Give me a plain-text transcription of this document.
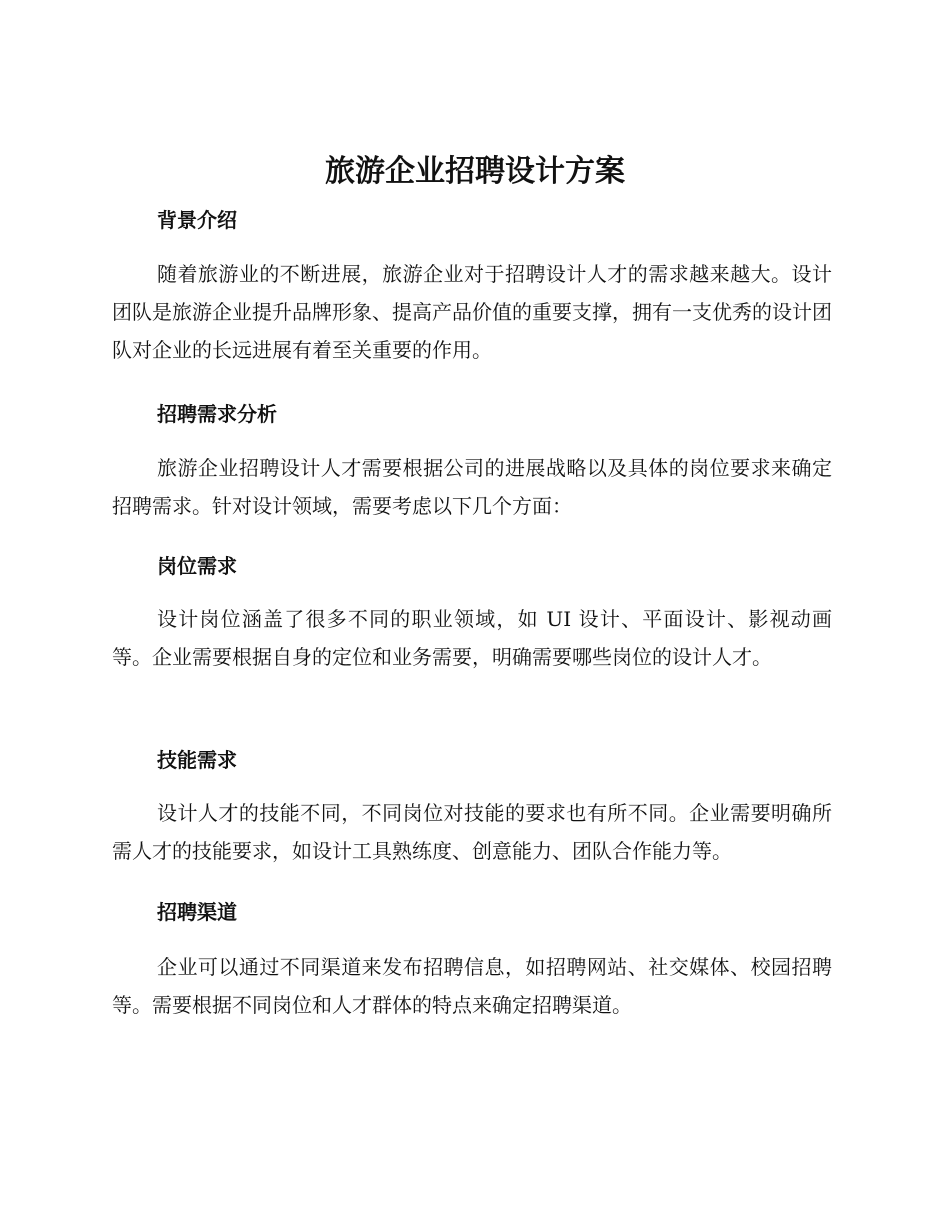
旅游企业招聘设计方案
背景介绍

随着旅游业的不断进展，旅游企业对于招聘设计人才的需求越来越大。设计团队是旅游企业提升品牌形象、提高产品价值的重要支撑，拥有一支优秀的设计团队对企业的长远进展有着至关重要的作用。

招聘需求分析

旅游企业招聘设计人才需要根据公司的进展战略以及具体的岗位要求来确定招聘需求。针对设计领域，需要考虑以下几个方面：

岗位需求

设计岗位涵盖了很多不同的职业领域，如 UI 设计、平面设计、影视动画等。企业需要根据自身的定位和业务需要，明确需要哪些岗位的设计人才。

技能需求

设计人才的技能不同，不同岗位对技能的要求也有所不同。企业需要明确所需人才的技能要求，如设计工具熟练度、创意能力、团队合作能力等。

招聘渠道

企业可以通过不同渠道来发布招聘信息，如招聘网站、社交媒体、校园招聘等。需要根据不同岗位和人才群体的特点来确定招聘渠道。
